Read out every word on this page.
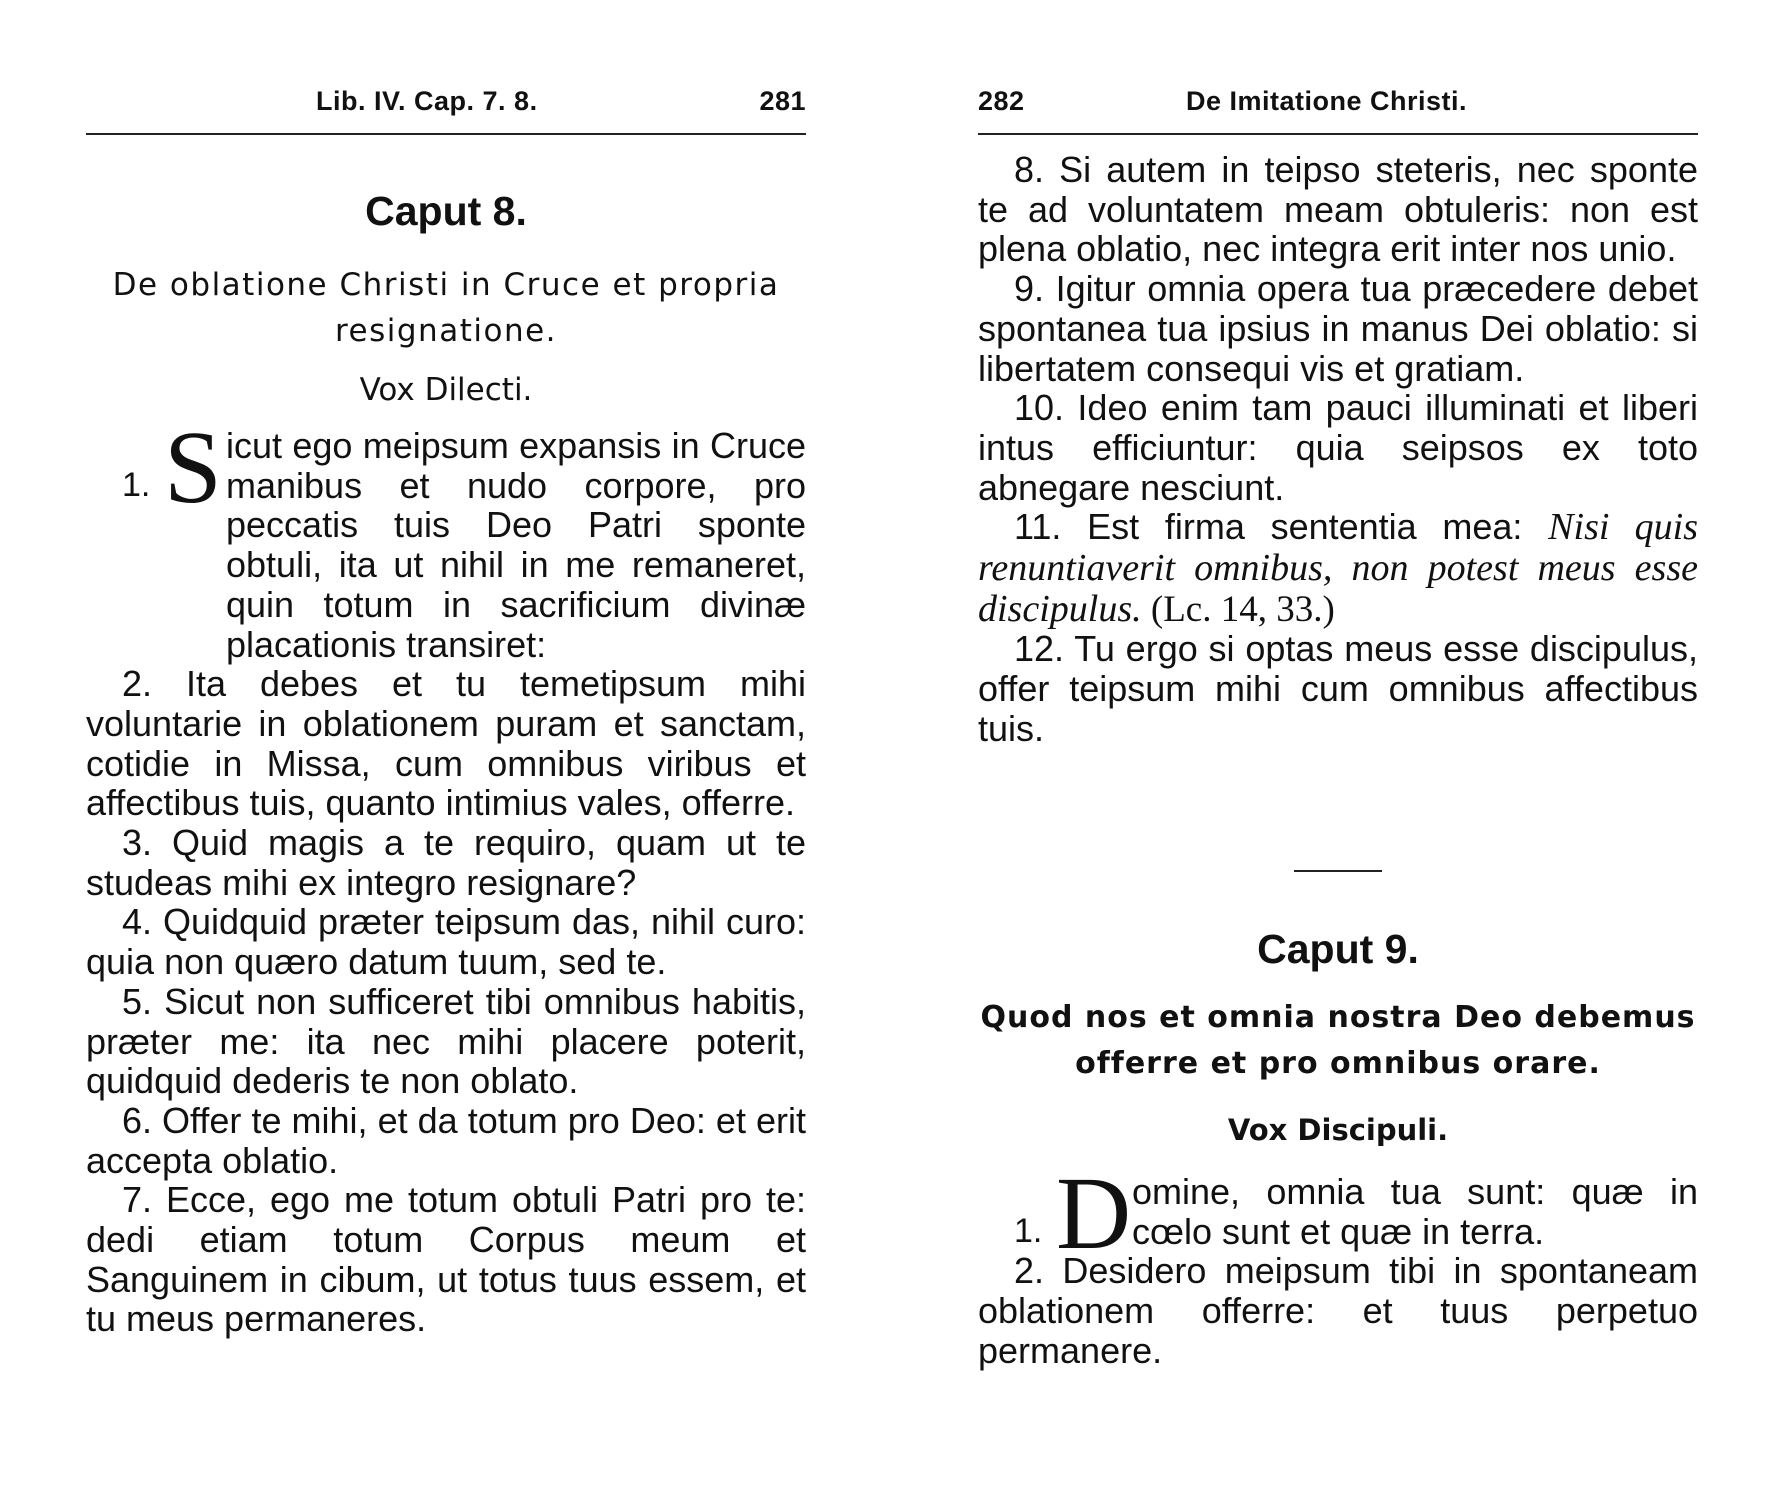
Lib. IV. Cap. 7. 8.	281
Caput 8.
De oblatione Christi in Cruce et propria resignatione.
Vox Dilecti.

1. S icut ego meipsum expansis in Cruce manibus et nudo corpore, pro peccatis tuis Deo Patri sponte obtuli, ita ut nihil in me remaneret, quin totum in sacrificium divinæ placationis transiret:

2. Ita debes et tu temetipsum mihi voluntarie in oblationem puram et sanctam, cotidie in Missa, cum omnibus viribus et affectibus tuis, quanto intimius vales, offerre.

3. Quid magis a te requiro, quam ut te studeas mihi ex integro resignare?

4. Quidquid præter teipsum das, nihil curo: quia non quæro datum tuum, sed te.

5. Sicut non sufficeret tibi omnibus habitis, præter me: ita nec mihi placere poterit, quidquid dederis te non oblato.

6. Offer te mihi, et da totum pro Deo: et erit accepta oblatio.

7. Ecce, ego me totum obtuli Patri pro te: dedi etiam totum Corpus meum et Sanguinem in cibum, ut totus tuus essem, et tu meus permaneres.

282	De Imitatione Christi.

8. Si autem in teipso steteris, nec sponte te ad voluntatem meam obtuleris: non est plena oblatio, nec integra erit inter nos unio.

9. Igitur omnia opera tua præcedere debet spontanea tua ipsius in manus Dei oblatio: si libertatem consequi vis et gratiam.

10. Ideo enim tam pauci illuminati et liberi intus efficiuntur: quia seipsos ex toto abnegare nesciunt.

11. Est firma sententia mea: Nisi quis renuntiaverit omnibus, non potest meus esse discipulus. (Lc. 14, 33.)

12. Tu ergo si optas meus esse discipulus, offer teipsum mihi cum omnibus affectibus tuis.

Caput 9.
Quod nos et omnia nostra Deo debemus offerre et pro omnibus orare.
Vox Discipuli.

1. D omine, omnia tua sunt: quæ in cœlo sunt et quæ in terra.

2. Desidero meipsum tibi in spontaneam oblationem offerre: et tuus perpetuo permanere.
